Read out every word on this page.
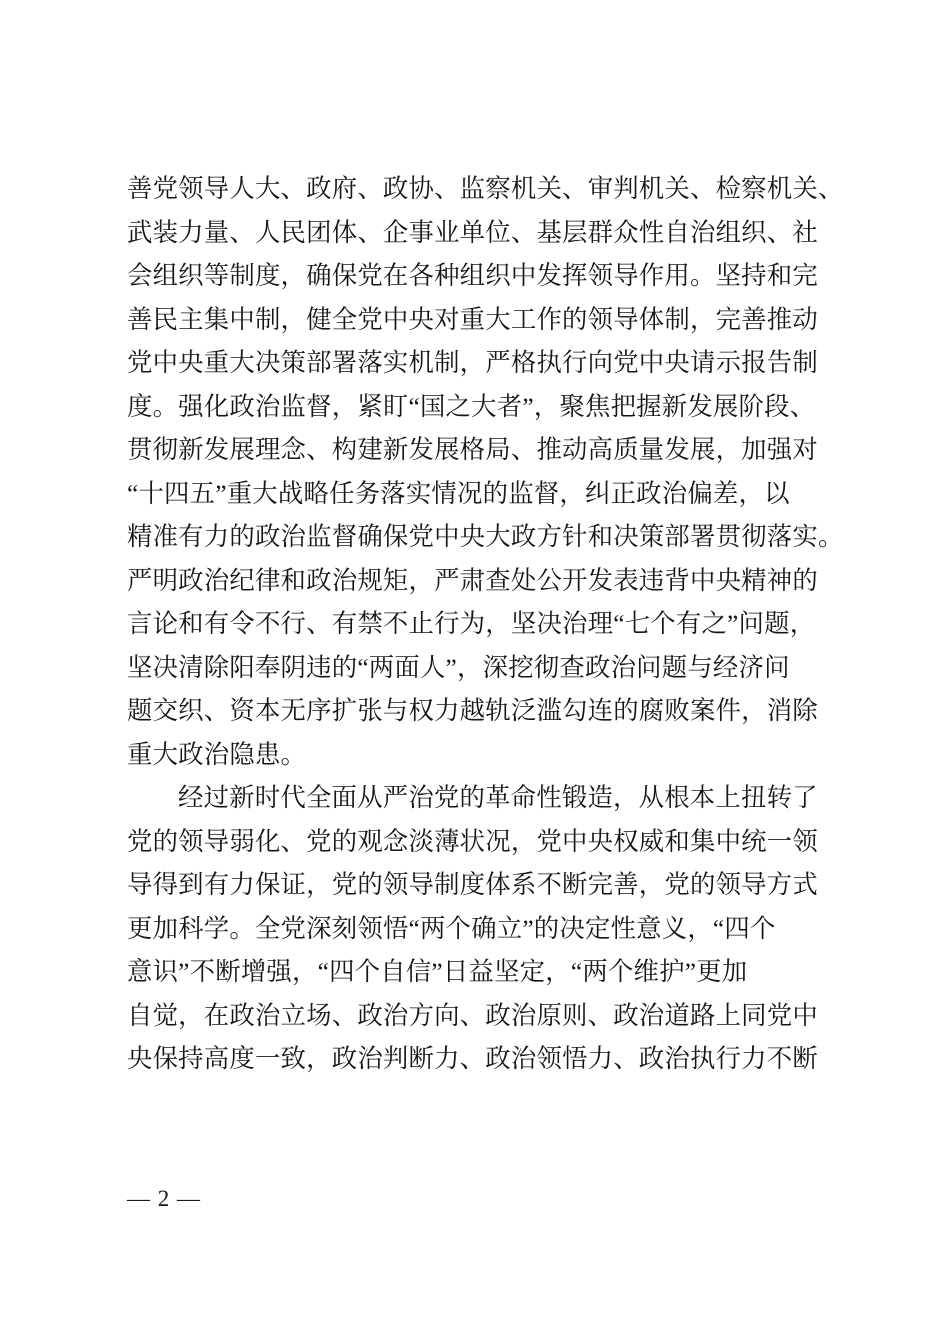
善党领导人大、政府、政协、监察机关、审判机关、检察机关、
武装力量、人民团体、企事业单位、基层群众性自治组织、社
会组织等制度，确保党在各种组织中发挥领导作用。坚持和完
善民主集中制，健全党中央对重大工作的领导体制，完善推动
党中央重大决策部署落实机制，严格执行向党中央请示报告制
度。强化政治监督，紧盯“国之大者”，聚焦把握新发展阶段、
贯彻新发展理念、构建新发展格局、推动高质量发展，加强对
“十四五”重大战略任务落实情况的监督，纠正政治偏差，以
精准有力的政治监督确保党中央大政方针和决策部署贯彻落实。
严明政治纪律和政治规矩，严肃查处公开发表违背中央精神的
言论和有令不行、有禁不止行为，坚决治理“七个有之”问题，
坚决清除阳奉阴违的“两面人”，深挖彻查政治问题与经济问
题交织、资本无序扩张与权力越轨泛滥勾连的腐败案件，消除
重大政治隐患。
经过新时代全面从严治党的革命性锻造，从根本上扭转了
党的领导弱化、党的观念淡薄状况，党中央权威和集中统一领
导得到有力保证，党的领导制度体系不断完善，党的领导方式
更加科学。全党深刻领悟“两个确立”的决定性意义，“四个
意识”不断增强，“四个自信”日益坚定，“两个维护”更加
自觉，在政治立场、政治方向、政治原则、政治道路上同党中
央保持高度一致，政治判断力、政治领悟力、政治执行力不断
— 2 —
